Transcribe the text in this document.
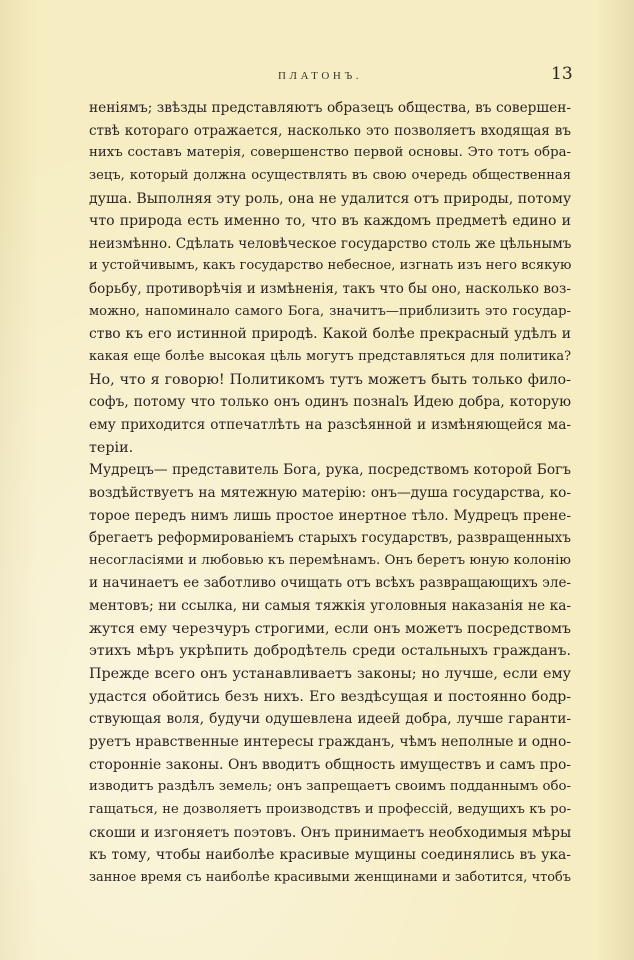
ПЛАТОНЪ.	13
неніямъ; звѣзды представляютъ образецъ общества, въ совершен-
ствѣ котораго отражается, насколько это позволяетъ входящая въ
нихъ составъ матерія, совершенство первой основы. Это тотъ обра-
зецъ, который должна осуществлять въ свою очередь общественная
душа. Выполняя эту роль, она не удалится отъ природы, потому
что природа есть именно то, что въ каждомъ предметѣ едино и
неизмѣнно. Сдѣлать человѣческое государство столь же цѣльнымъ
и устойчивымъ, какъ государство небесное, изгнать изъ него всякую
борьбу, противорѣчія и измѣненія, такъ что бы оно, насколько воз-
можно, напоминало самого Бога, значитъ—приблизить это государ-
ство къ его истинной природѣ. Какой болѣе прекрасный удѣлъ и
какая еще болѣе высокая цѣль могутъ представляться для политика?
Но, что я говорю! Политикомъ тутъ можетъ быть только фило-
софъ, потому что только онъ одинъ познalъ Идею добра, которую
ему приходится отпечатлѣть на разсѣянной и измѣняющейся ма-
теріи.
Мудрецъ— представитель Бога, рука, посредствомъ которой Богъ
воздѣйствуетъ на мятежную матерію: онъ—душа государства, ко-
торое передъ нимъ лишь простое инертное тѣло. Мудрецъ прене-
брегаетъ реформированіемъ старыхъ государствъ, развращенныхъ
несогласіями и любовью къ перемѣнамъ. Онъ беретъ юную колонію
и начинаетъ ее заботливо очищать отъ всѣхъ развращающихъ эле-
ментовъ; ни ссылка, ни самыя тяжкія уголовныя наказанія не ка-
жутся ему черезчуръ строгими, если онъ можетъ посредствомъ
этихъ мѣръ укрѣпить добродѣтель среди остальныхъ гражданъ.
Прежде всего онъ устанавливаетъ законы; но лучше, если ему
удастся обойтись безъ нихъ. Его вездѣсущая и постоянно бодр-
ствующая воля, будучи одушевлена идеей добра, лучше гаранти-
руетъ нравственные интересы гражданъ, чѣмъ неполные и одно-
стороннiе законы. Онъ вводитъ общность имуществъ и самъ про-
изводитъ раздѣлъ земель; онъ запрещаетъ своимъ подданнымъ обо-
гащаться, не дозволяетъ производствъ и профессій, ведущихъ къ ро-
скоши и изгоняетъ поэтовъ. Онъ принимаетъ необходимыя мѣры
къ тому, чтобы наиболѣе красивые мущины соединялись въ ука-
занное время съ наиболѣе красивыми женщинами и заботится, чтобъ
